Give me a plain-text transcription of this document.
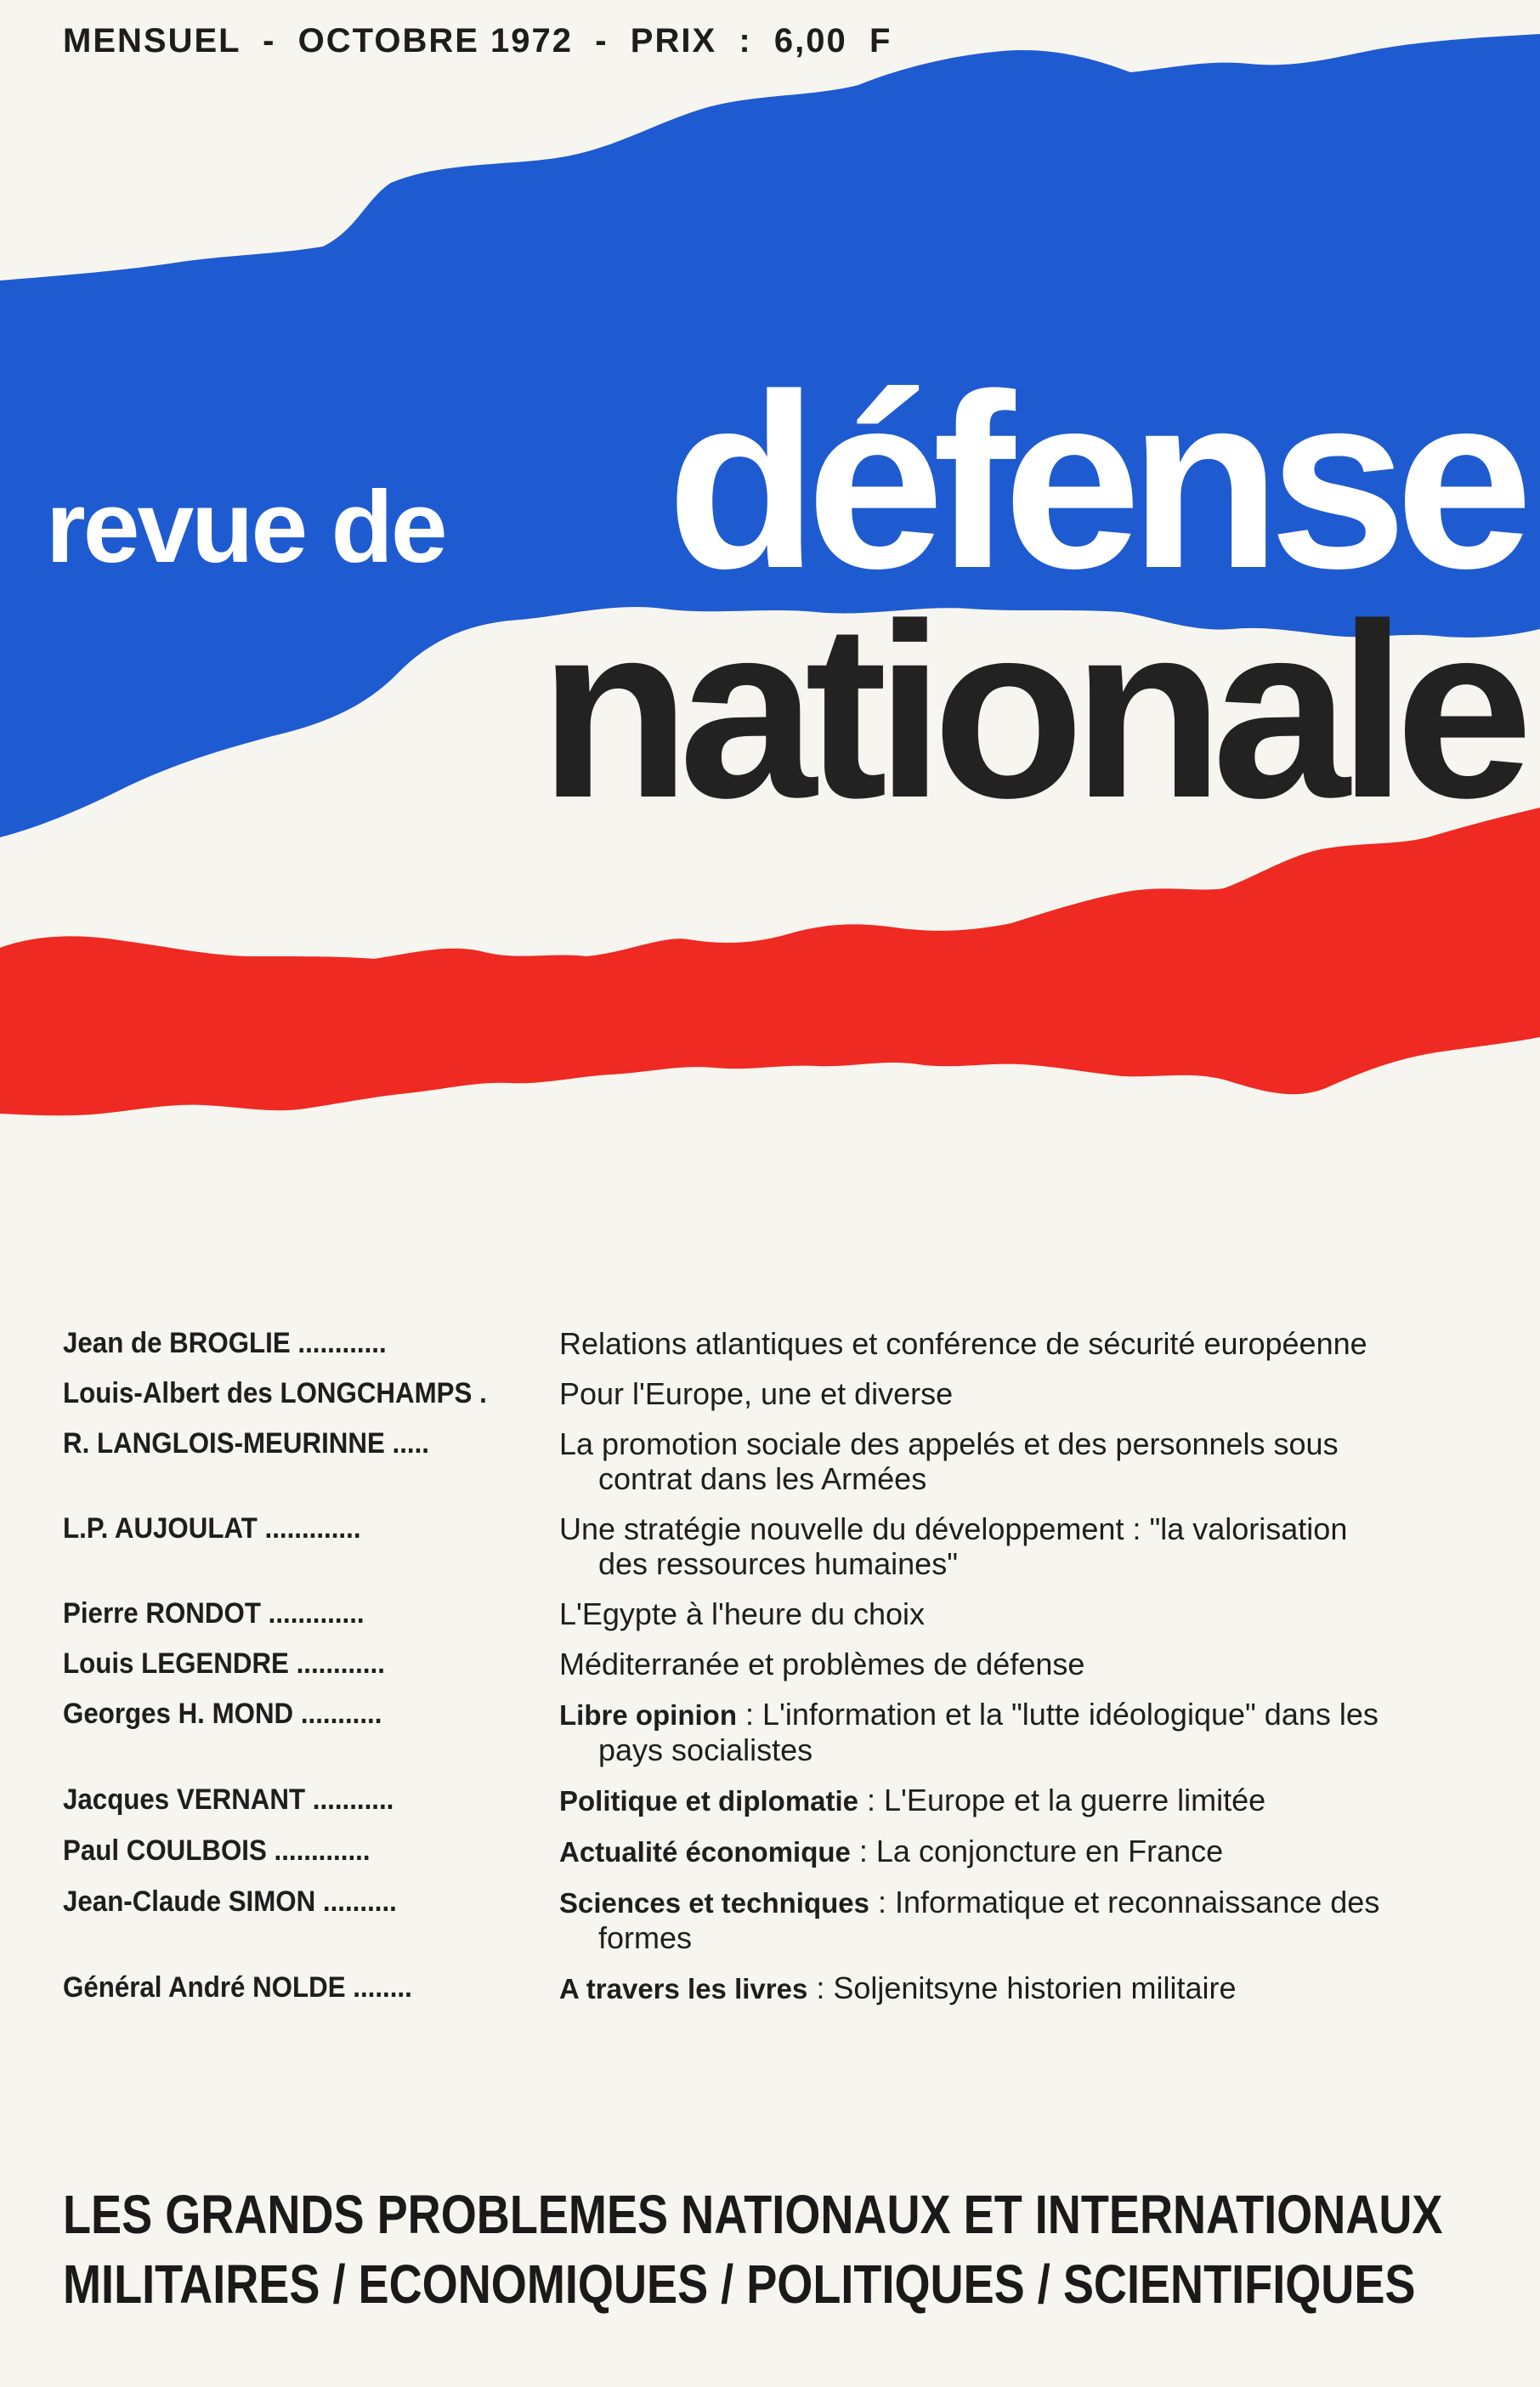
MENSUEL  -  OCTOBRE 1972  -  PRIX  :  6,00  F
revue de défense
nationale
Jean de BROGLIE ............	Relations atlantiques et conférence de sécurité européenne
Louis-Albert des LONGCHAMPS .	Pour l'Europe, une et diverse
R. LANGLOIS-MEURINNE .....	La promotion sociale des appelés et des personnels sous
contrat dans les Armées
L.P. AUJOULAT .............	Une stratégie nouvelle du développement : "la valorisation
des ressources humaines"
Pierre RONDOT .............	L'Egypte à l'heure du choix
Louis LEGENDRE ............	Méditerranée et problèmes de défense
Georges H. MOND ...........	Libre opinion : L'information et la "lutte idéologique" dans les
pays socialistes
Jacques VERNANT ...........	Politique et diplomatie : L'Europe et la guerre limitée
Paul COULBOIS .............	Actualité économique : La conjoncture en France
Jean-Claude SIMON ..........	Sciences et techniques : Informatique et reconnaissance des
formes
Général André NOLDE ........	A travers les livres : Soljenitsyne historien militaire
LES GRANDS PROBLEMES NATIONAUX ET INTERNATIONAUX
MILITAIRES / ECONOMIQUES / POLITIQUES / SCIENTIFIQUES
